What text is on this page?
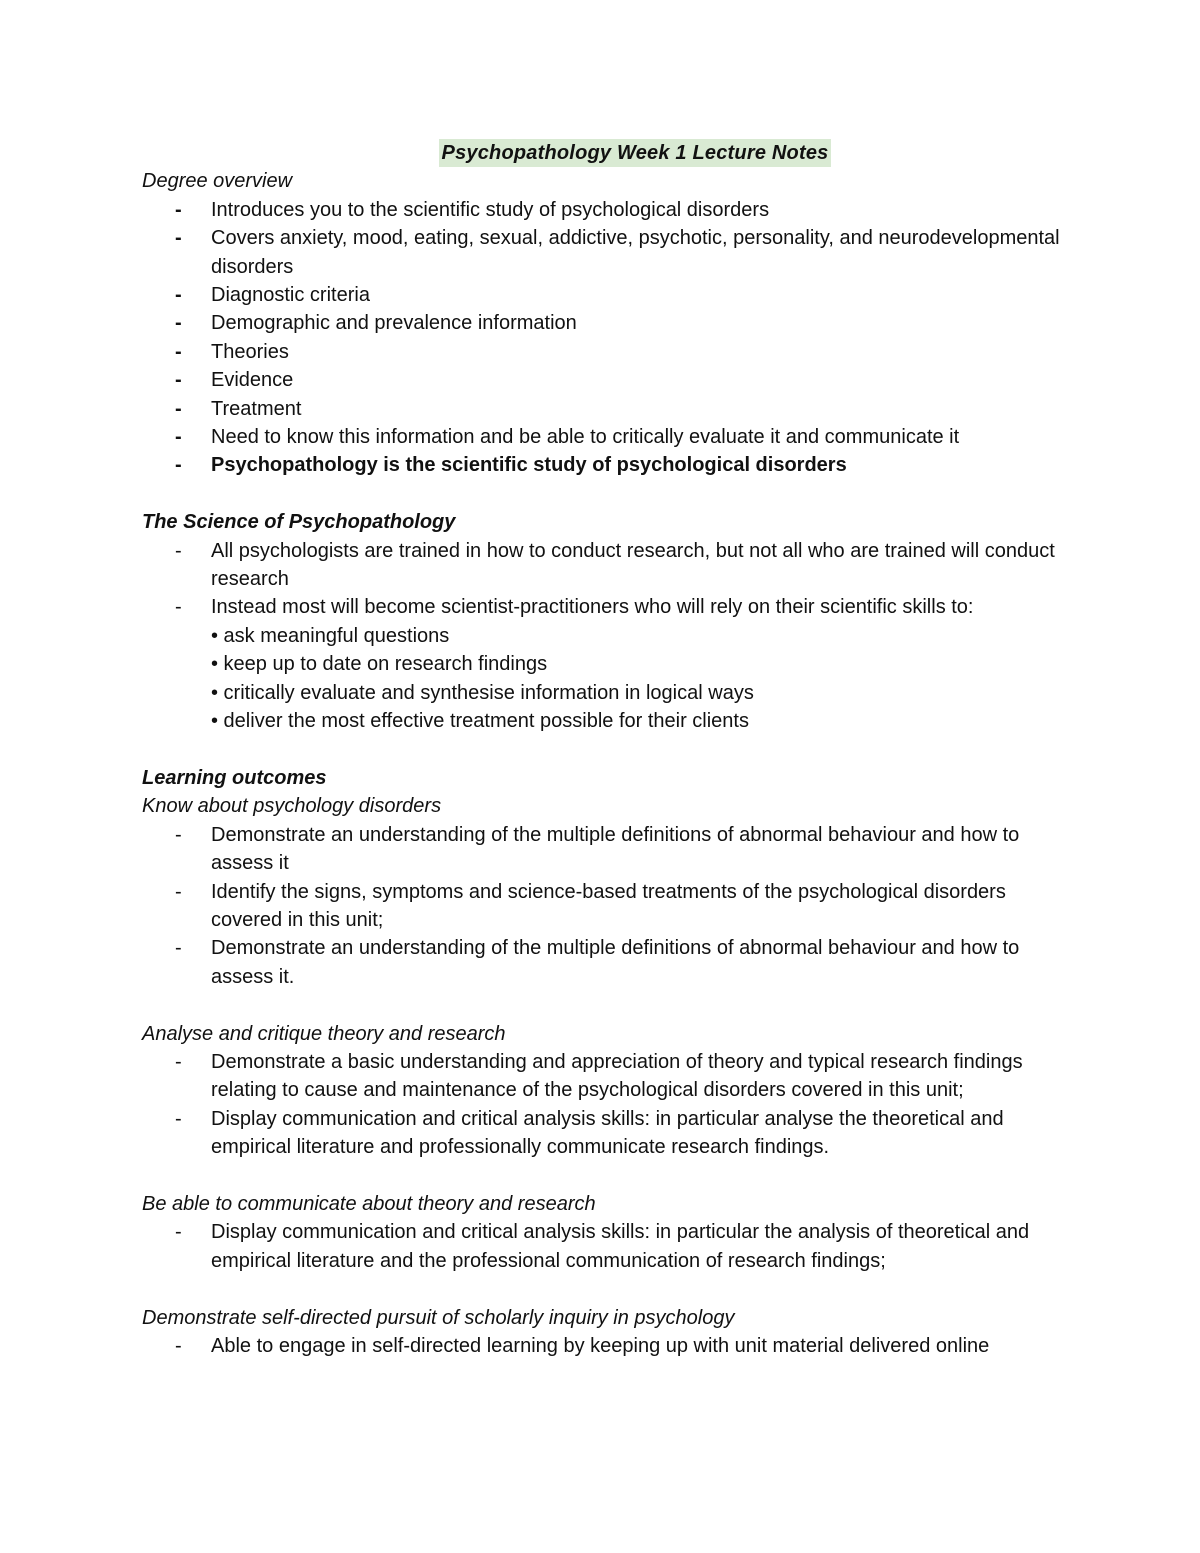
Psychopathology Week 1 Lecture Notes
Degree overview
- Introduces you to the scientific study of psychological disorders
- Covers anxiety, mood, eating, sexual, addictive, psychotic, personality, and neurodevelopmental disorders
- Diagnostic criteria
- Demographic and prevalence information
- Theories
- Evidence
- Treatment
- Need to know this information and be able to critically evaluate it and communicate it
- Psychopathology is the scientific study of psychological disorders
The Science of Psychopathology
- All psychologists are trained in how to conduct research, but not all who are trained will conduct research
- Instead most will become scientist-practitioners who will rely on their scientific skills to:
• ask meaningful questions
• keep up to date on research findings
• critically evaluate and synthesise information in logical ways
• deliver the most effective treatment possible for their clients
Learning outcomes
Know about psychology disorders
- Demonstrate an understanding of the multiple definitions of abnormal behaviour and how to assess it
- Identify the signs, symptoms and science-based treatments of the psychological disorders covered in this unit;
- Demonstrate an understanding of the multiple definitions of abnormal behaviour and how to assess it.
Analyse and critique theory and research
- Demonstrate a basic understanding and appreciation of theory and typical research findings relating to cause and maintenance of the psychological disorders covered in this unit;
- Display communication and critical analysis skills: in particular analyse the theoretical and empirical literature and professionally communicate research findings.
Be able to communicate about theory and research
- Display communication and critical analysis skills: in particular the analysis of theoretical and empirical literature and the professional communication of research findings;
Demonstrate self-directed pursuit of scholarly inquiry in psychology
- Able to engage in self-directed learning by keeping up with unit material delivered online
